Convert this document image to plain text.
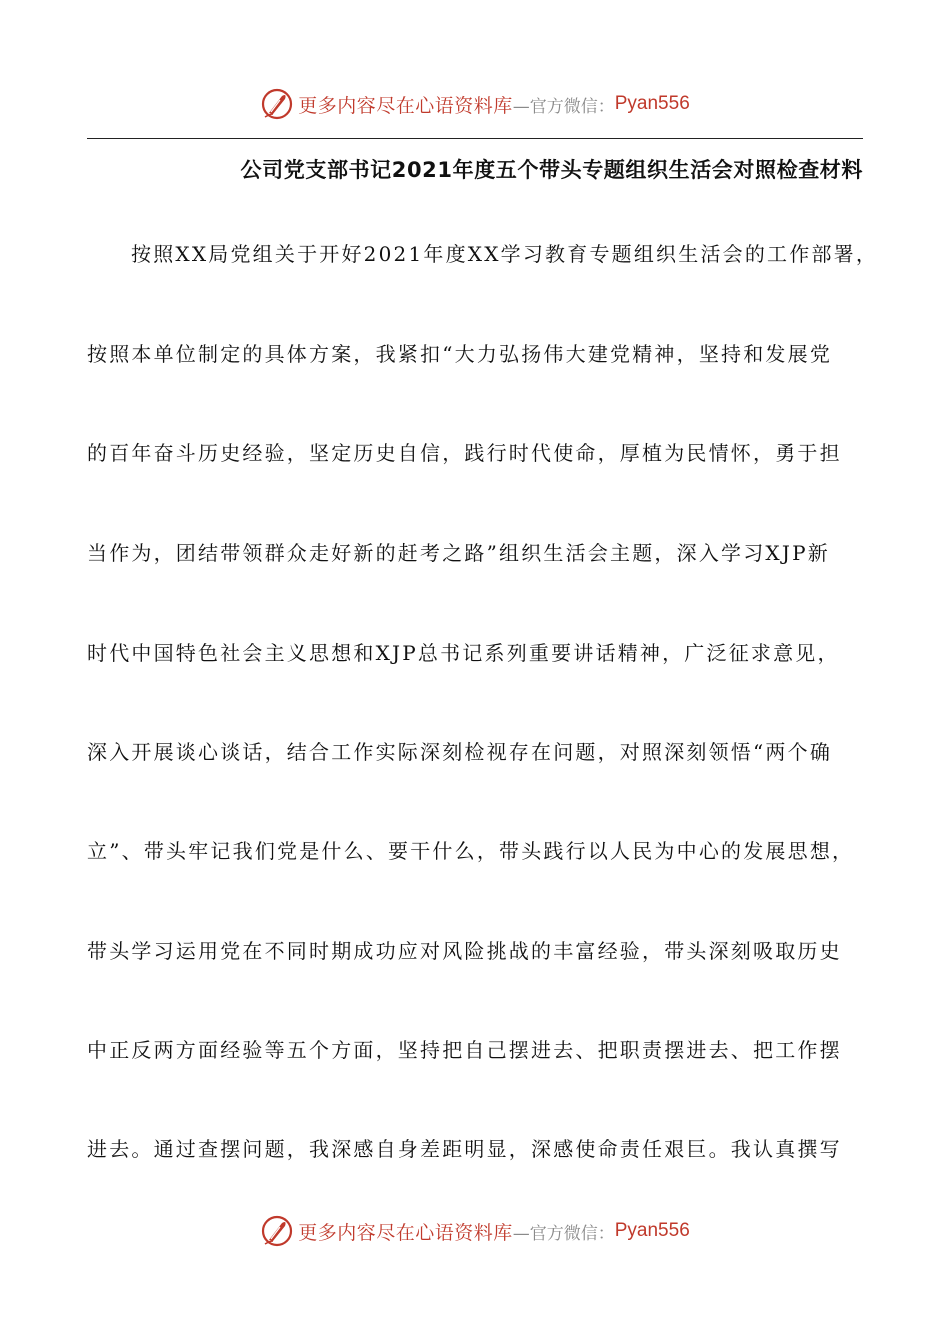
更多内容尽在心语资料库 —官方微信： Pyan556
公司党支部书记2021年度五个带头专题组织生活会对照检查材料
按照XX局党组关于开好2021年度XX学习教育专题组织生活会的工作部署，
按照本单位制定的具体方案，我紧扣“大力弘扬伟大建党精神，坚持和发展党
的百年奋斗历史经验，坚定历史自信，践行时代使命，厚植为民情怀，勇于担
当作为，团结带领群众走好新的赶考之路”组织生活会主题，深入学习XJP新
时代中国特色社会主义思想和XJP总书记系列重要讲话精神，广泛征求意见，
深入开展谈心谈话，结合工作实际深刻检视存在问题，对照深刻领悟“两个确
立”、带头牢记我们党是什么、要干什么，带头践行以人民为中心的发展思想，
带头学习运用党在不同时期成功应对风险挑战的丰富经验，带头深刻吸取历史
中正反两方面经验等五个方面，坚持把自己摆进去、把职责摆进去、把工作摆
进去。通过查摆问题，我深感自身差距明显，深感使命责任艰巨。我认真撰写
更多内容尽在心语资料库 —官方微信： Pyan556
